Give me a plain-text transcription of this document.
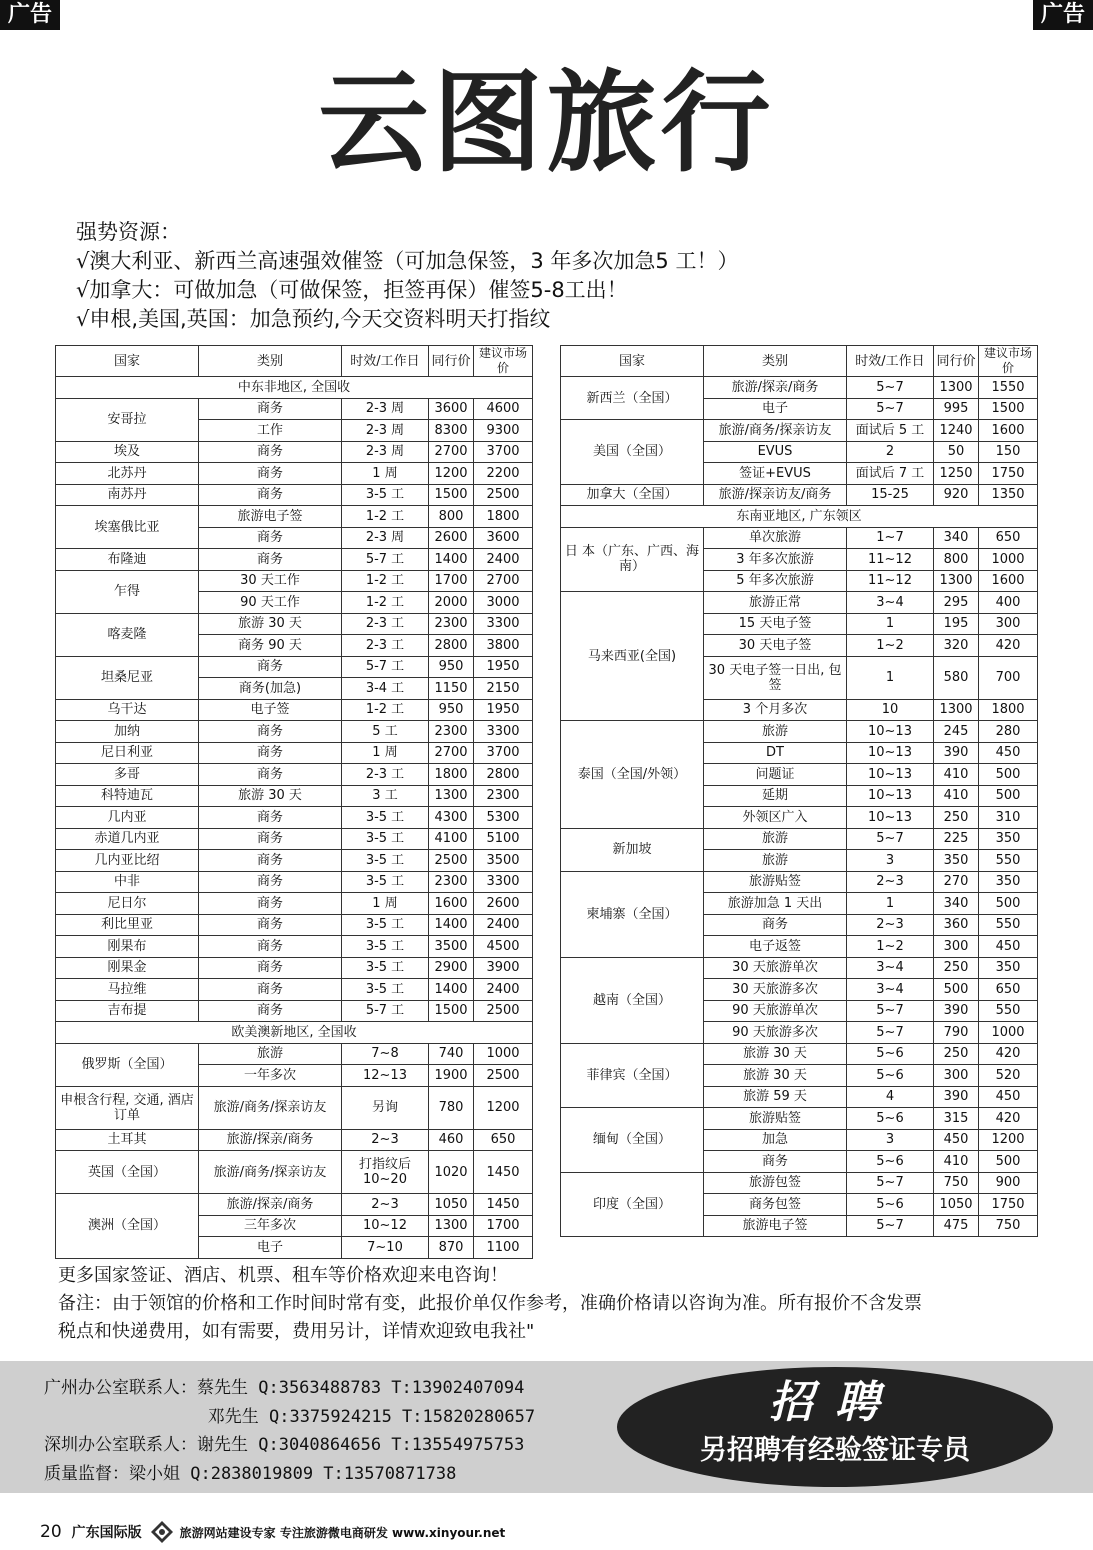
广告	广告
云图旅行
强势资源：
√澳大利亚、新西兰高速强效催签（可加急保签，3 年多次加急5 工！）
√加拿大：可做加急（可做保签，拒签再保）催签5-8工出！
√申根,美国,英国：加急预约,今天交资料明天打指纹
国家	类别	时效/工作日	同行价	建议市场价
中东非地区, 全国收				
安哥拉	商务	2-3 周	3600	4600
	工作	2-3 周	8300	9300
埃及	商务	2-3 周	2700	3700
北苏丹	商务	1 周	1200	2200
南苏丹	商务	3-5 工	1500	2500
埃塞俄比亚	旅游电子签	1-2 工	800	1800
	商务	2-3 周	2600	3600
布隆迪	商务	5-7 工	1400	2400
乍得	30 天工作	1-2 工	1700	2700
	90 天工作	1-2 工	2000	3000
喀麦隆	旅游 30 天	2-3 工	2300	3300
	商务 90 天	2-3 工	2800	3800
坦桑尼亚	商务	5-7 工	950	1950
	商务(加急)	3-4 工	1150	2150
乌干达	电子签	1-2 工	950	1950
加纳	商务	5 工	2300	3300
尼日利亚	商务	1 周	2700	3700
多哥	商务	2-3 工	1800	2800
科特迪瓦	旅游 30 天	3 工	1300	2300
几内亚	商务	3-5 工	4300	5300
赤道几内亚	商务	3-5 工	4100	5100
几内亚比绍	商务	3-5 工	2500	3500
中非	商务	3-5 工	2300	3300
尼日尔	商务	1 周	1600	2600
利比里亚	商务	3-5 工	1400	2400
刚果布	商务	3-5 工	3500	4500
刚果金	商务	3-5 工	2900	3900
马拉维	商务	3-5 工	1400	2400
吉布提	商务	5-7 工	1500	2500
欧美澳新地区, 全国收				
俄罗斯（全国）	旅游	7~8	740	1000
	一年多次	12~13	1900	2500
申根含行程, 交通, 酒店订单	旅游/商务/探亲访友	另询	780	1200
土耳其	旅游/探亲/商务	2~3	460	650
英国（全国）	旅游/商务/探亲访友	打指纹后 10~20	1020	1450
澳洲（全国）	旅游/探亲/商务	2~3	1050	1450
	三年多次	10~12	1300	1700
	电子	7~10	870	1100
国家	类别	时效/工作日	同行价	建议市场价
新西兰（全国）	旅游/探亲/商务	5~7	1300	1550
	电子	5~7	995	1500
美国（全国）	旅游/商务/探亲访友	面试后 5 工	1240	1600
	EVUS	2	50	150
	签证+EVUS	面试后 7 工	1250	1750
加拿大（全国）	旅游/探亲访友/商务	15-25	920	1350
东南亚地区, 广东领区				
日 本（广东、广西、海南）	单次旅游	1~7	340	650
	3 年多次旅游	11~12	800	1000
	5 年多次旅游	11~12	1300	1600
马来西亚(全国)	旅游正常	3~4	295	400
	15 天电子签	1	195	300
	30 天电子签	1~2	320	420
	30 天电子签一日出, 包签	1	580	700
	3 个月多次	10	1300	1800
泰国（全国/外领）	旅游	10~13	245	280
	DT	10~13	390	450
	问题证	10~13	410	500
	延期	10~13	410	500
	外领区广入	10~13	250	310
新加坡	旅游	5~7	225	350
	旅游	3	350	550
柬埔寨（全国）	旅游贴签	2~3	270	350
	旅游加急 1 天出	1	340	500
	商务	2~3	360	550
	电子返签	1~2	300	450
越南（全国）	30 天旅游单次	3~4	250	350
	30 天旅游多次	3~4	500	650
	90 天旅游单次	5~7	390	550
	90 天旅游多次	5~7	790	1000
菲律宾（全国）	旅游 30 天	5~6	250	420
	旅游 30 天	5~6	300	520
	旅游 59 天	4	390	450
缅甸（全国）	旅游贴签	5~6	315	420
	加急	3	450	1200
	商务	5~6	410	500
印度（全国）	旅游包签	5~7	750	900
	商务包签	5~6	1050	1750
	旅游电子签	5~7	475	750
更多国家签证、酒店、机票、租车等价格欢迎来电咨询！
备注：由于领馆的价格和工作时间时常有变，此报价单仅作参考，准确价格请以咨询为准。所有报价不含发票
税点和快递费用，如有需要，费用另计，详情欢迎致电我社"
广州办公室联系人：蔡先生 Q:3563488783 T:13902407094
邓先生 Q:3375924215 T:15820280657
深圳办公室联系人：谢先生 Q:3040864656 T:13554975753
质量监督：梁小姐 Q:2838019809 T:13570871738
招聘
另招聘有经验签证专员
20 广东国际版	旅游网站建设专家 专注旅游微电商研发 www.xinyour.net
